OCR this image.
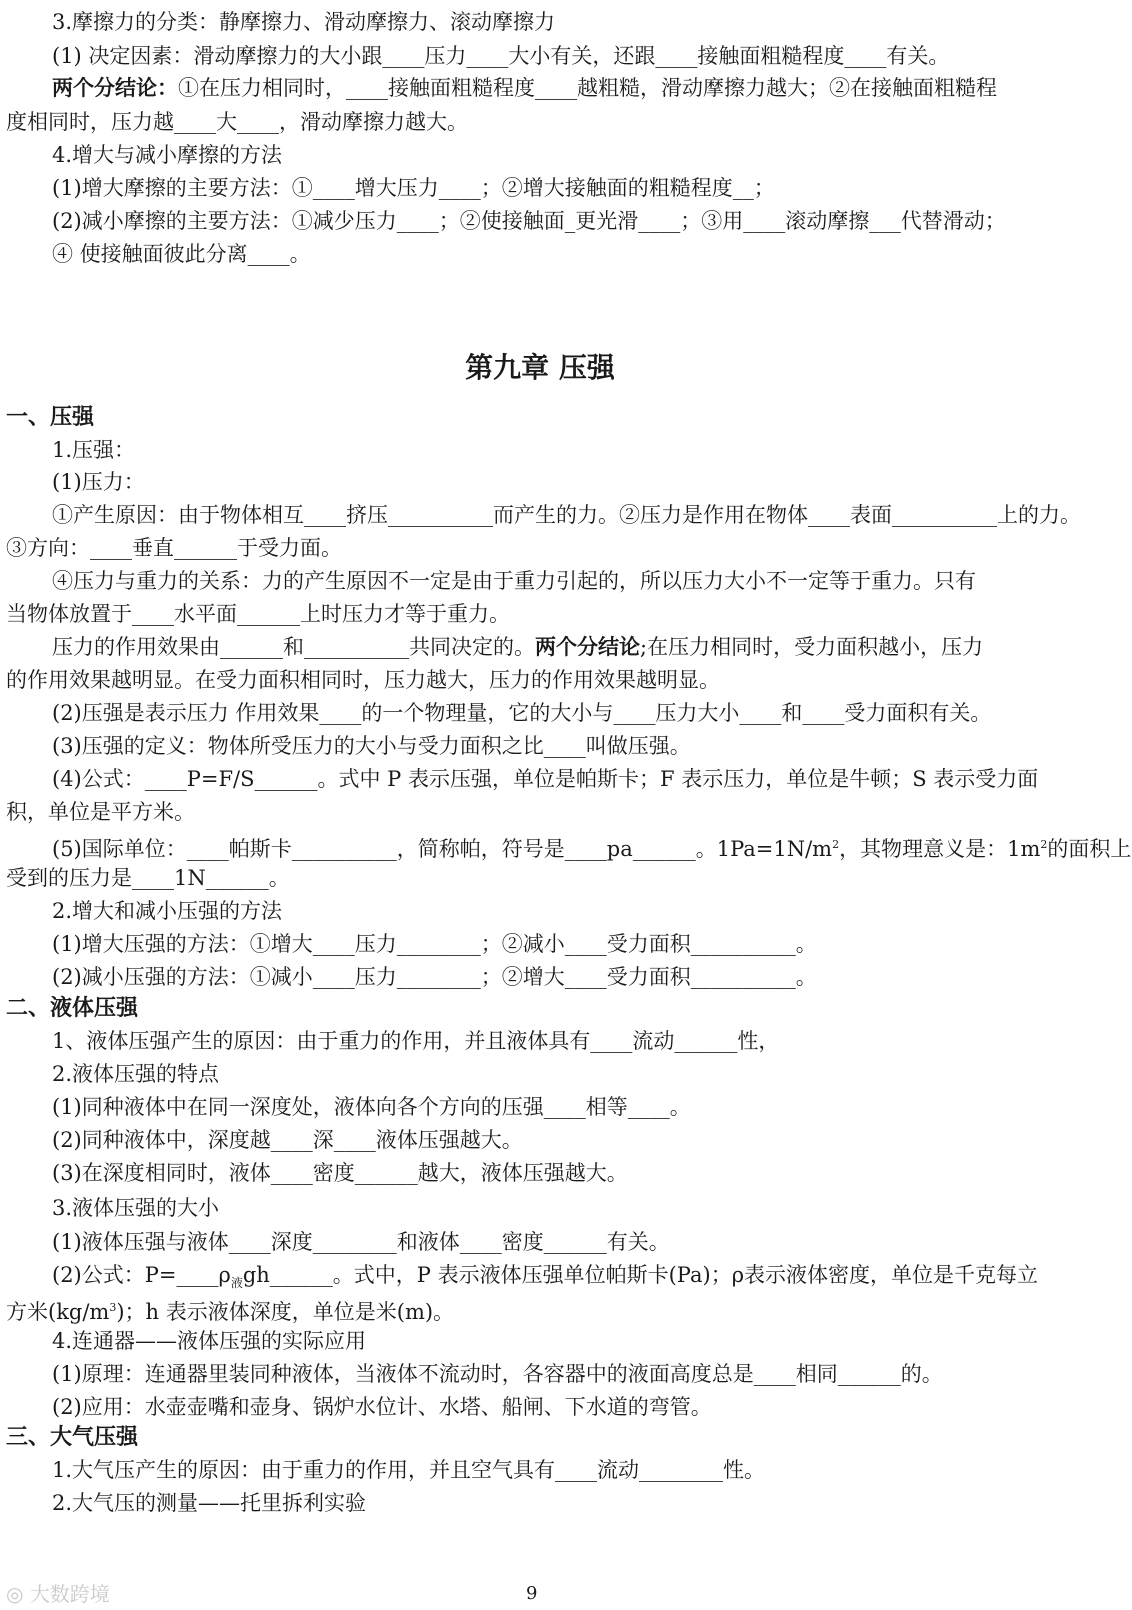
3.摩擦力的分类：静摩擦力、滑动摩擦力、滚动摩擦力
(1) 决定因素：滑动摩擦力的大小跟____压力____大小有关，还跟____接触面粗糙程度____有关。
两个分结论：①在压力相同时，____接触面粗糙程度____越粗糙，滑动摩擦力越大；②在接触面粗糙程
度相同时，压力越____大____，滑动摩擦力越大。
4.增大与减小摩擦的方法
(1)增大摩擦的主要方法：①____增大压力____；②增大接触面的粗糙程度__；
(2)减小摩擦的主要方法：①减少压力____；②使接触面_更光滑____；③用____滚动摩擦___代替滑动；
④ 使接触面彼此分离____。
第九章 压强
一、压强
1.压强：
(1)压力：
①产生原因：由于物体相互____挤压__________而产生的力。②压力是作用在物体____表面__________上的力。
③方向：____垂直______于受力面。
④压力与重力的关系：力的产生原因不一定是由于重力引起的，所以压力大小不一定等于重力。只有
当物体放置于____水平面______上时压力才等于重力。
压力的作用效果由______和__________共同决定的。两个分结论;在压力相同时，受力面积越小，压力
的作用效果越明显。在受力面积相同时，压力越大，压力的作用效果越明显。
(2)压强是表示压力 作用效果____的一个物理量，它的大小与____压力大小____和____受力面积有关。
(3)压强的定义：物体所受压力的大小与受力面积之比____叫做压强。
(4)公式：____P=F/S______。式中 P 表示压强，单位是帕斯卡；F 表示压力，单位是牛顿；S 表示受力面
积，单位是平方米。
(5)国际单位：____帕斯卡__________，简称帕，符号是____pa______。$1Pa=1N/m^2$，其物理意义是：$1m^2$的面积上
受到的压力是____1N______。
2.增大和减小压强的方法
(1)增大压强的方法：①增大____压力________；②减小____受力面积__________。
(2)减小压强的方法：①减小____压力________；②增大____受力面积__________。
二、液体压强
1、液体压强产生的原因：由于重力的作用，并且液体具有____流动______性，
2.液体压强的特点
(1)同种液体中在同一深度处，液体向各个方向的压强____相等____。
(2)同种液体中，深度越____深____液体压强越大。
(3)在深度相同时，液体____密度______越大，液体压强越大。
3.液体压强的大小
(1)液体压强与液体____深度________和液体____密度______有关。
(2)公式：$P=\_\_\_\_\rho_液gh\_\_\_\_\_\_$。式中，P 表示液体压强单位帕斯卡(Pa)；ρ表示液体密度，单位是千克每立
方米$(kg/m^3)$；h 表示液体深度，单位是米(m)。
4.连通器——液体压强的实际应用
(1)原理：连通器里装同种液体，当液体不流动时，各容器中的液面高度总是____相同______的。
(2)应用：水壶壶嘴和壶身、锅炉水位计、水塔、船闸、下水道的弯管。
三、大气压强
1.大气压产生的原因：由于重力的作用，并且空气具有____流动________性。
2.大气压的测量——托里拆利实验
◎ 大数跨境	9
